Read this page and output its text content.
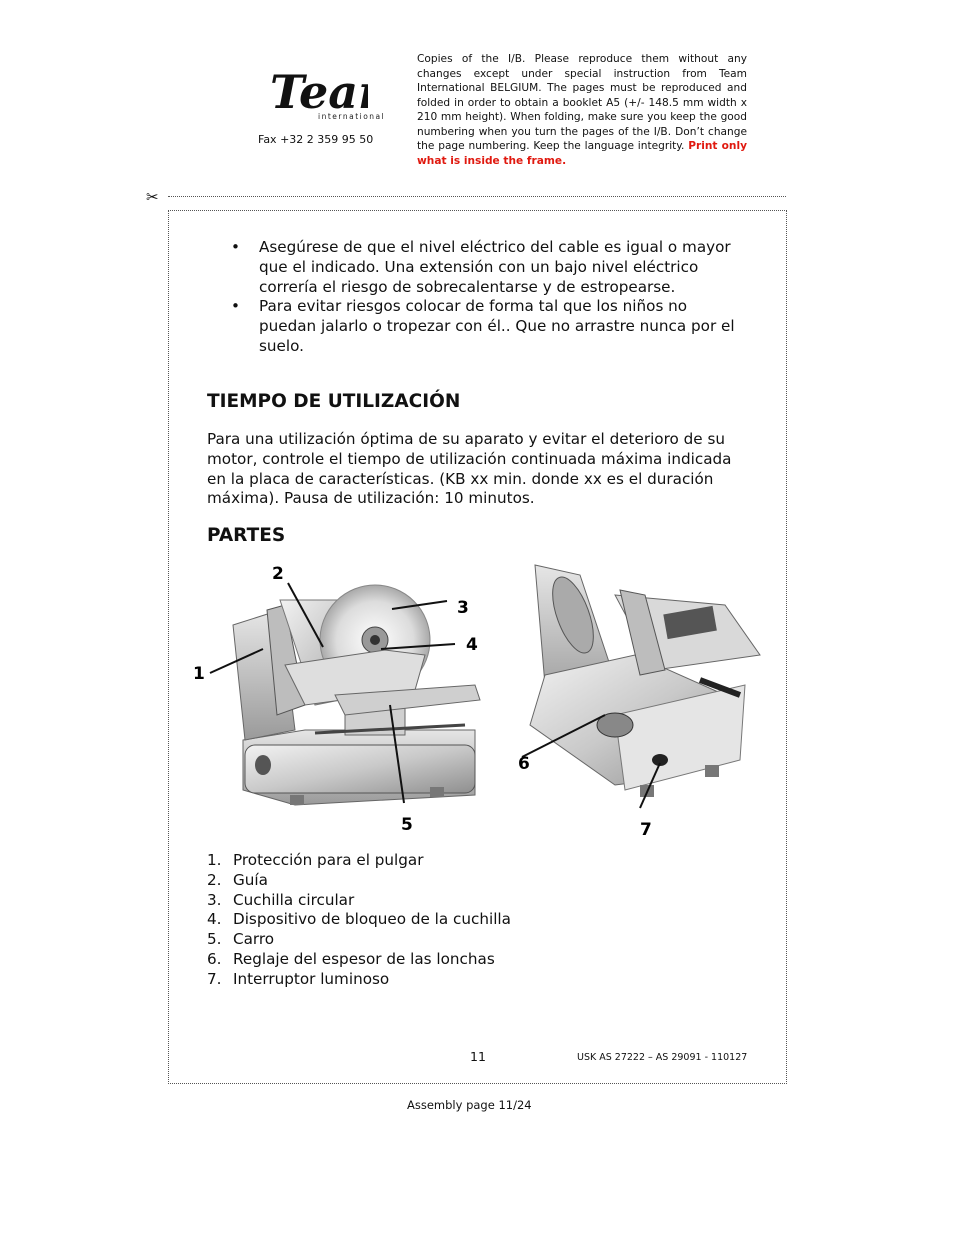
Tea
international
Fax +32 2 359 95 50
Copies of the I/B. Please reproduce them without any changes except under special instruction from Team International BELGIUM. The pages must be reproduced and folded in order to obtain a booklet A5 (+/- 148.5 mm width x 210 mm height). When folding, make sure you keep the good numbering when you turn the pages of the I/B. Don’t change the page numbering. Keep the language integrity. Print only what is inside the frame.
✂
• Asegúrese de que el nivel eléctrico del cable es igual o mayor que el indicado. Una extensión con un bajo nivel eléctrico correría el riesgo de sobrecalentarse y de estropearse.
• Para evitar riesgos colocar de forma tal que los niños no puedan jalarlo o tropezar con él.. Que no arrastre nunca por el suelo.
TIEMPO DE UTILIZACIÓN
Para una utilización óptima de su aparato y evitar el deterioro de su motor, controle el tiempo de utilización continuada máxima indicada en la placa de características. (KB xx min. donde xx es el duración máxima). Pausa de utilización: 10 minutos.
PARTES
1
2
3
4
5
6
7
1. Protección para el pulgar
2. Guía
3. Cuchilla circular
4. Dispositivo de bloqueo de la cuchilla
5. Carro
6. Reglaje del espesor de las lonchas
7. Interruptor luminoso
11	USK AS 27222 – AS 29091 - 110127
Assembly page 11/24
